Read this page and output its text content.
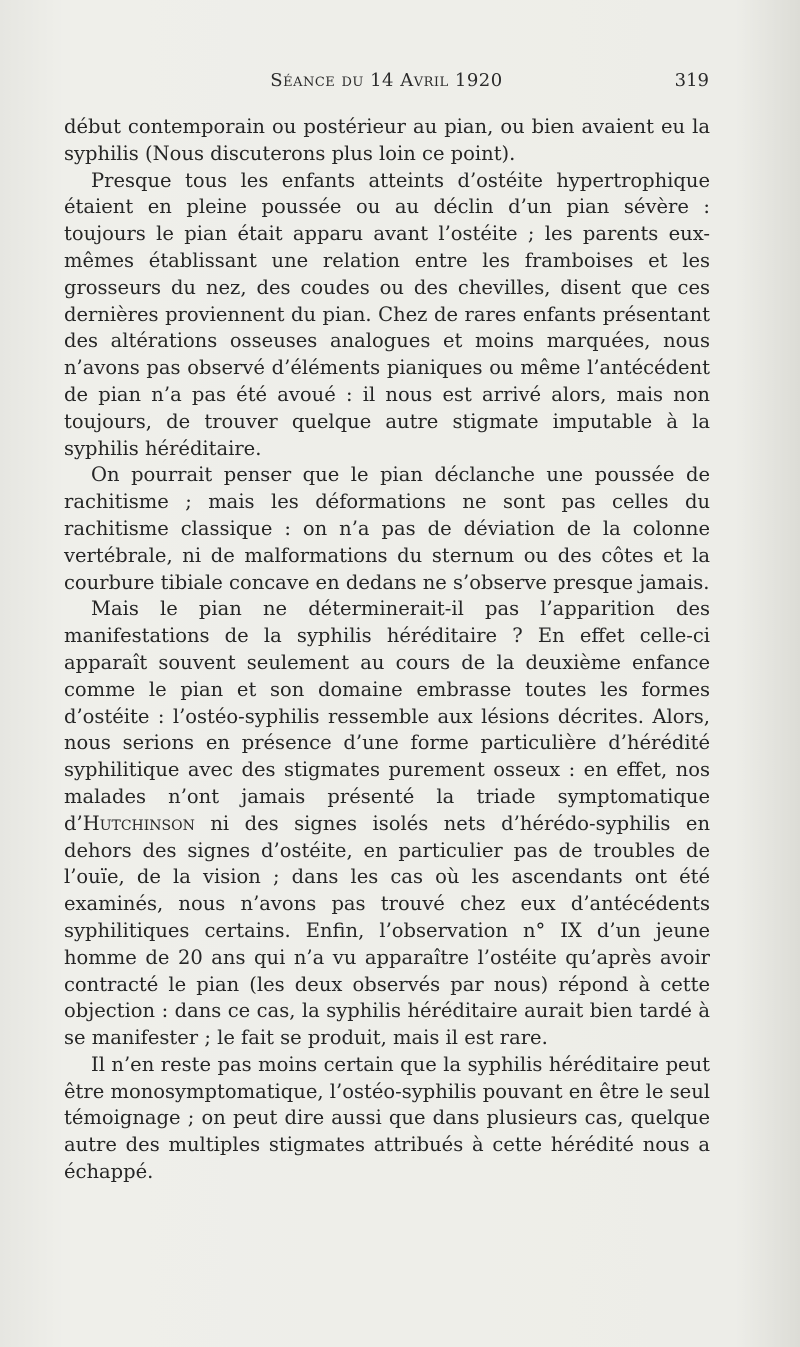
Séance du 14 Avril 1920	319

début contemporain ou postérieur au pian, ou bien avaient eu la syphilis (Nous discuterons plus loin ce point).

Presque tous les enfants atteints d’ostéite hypertrophique étaient en pleine poussée ou au déclin d’un pian sévère : toujours le pian était apparu avant l’ostéite ; les parents eux-mêmes établissant une relation entre les framboises et les grosseurs du nez, des coudes ou des chevilles, disent que ces dernières proviennent du pian. Chez de rares enfants présentant des altérations osseuses analogues et moins marquées, nous n’avons pas observé d’éléments pianiques ou même l’antécédent de pian n’a pas été avoué : il nous est arrivé alors, mais non toujours, de trouver quelque autre stigmate imputable à la syphilis héréditaire.

On pourrait penser que le pian déclanche une poussée de rachitisme ; mais les déformations ne sont pas celles du rachitisme classique : on n’a pas de déviation de la colonne vertébrale, ni de malformations du sternum ou des côtes et la courbure tibiale concave en dedans ne s’observe presque jamais.

Mais le pian ne déterminerait-il pas l’apparition des manifestations de la syphilis héréditaire ? En effet celle-ci apparaît souvent seulement au cours de la deuxième enfance comme le pian et son domaine embrasse toutes les formes d’ostéite : l’ostéo-syphilis ressemble aux lésions décrites. Alors, nous serions en présence d’une forme particulière d’hérédité syphilitique avec des stigmates purement osseux : en effet, nos malades n’ont jamais présenté la triade symptomatique d’Hutchinson ni des signes isolés nets d’hérédo-syphilis en dehors des signes d’ostéite, en particulier pas de troubles de l’ouïe, de la vision ; dans les cas où les ascendants ont été examinés, nous n’avons pas trouvé chez eux d’antécédents syphilitiques certains. Enfin, l’observation n° IX d’un jeune homme de 20 ans qui n’a vu apparaître l’ostéite qu’après avoir contracté le pian (les deux observés par nous) répond à cette objection : dans ce cas, la syphilis héréditaire aurait bien tardé à se manifester ; le fait se produit, mais il est rare.

Il n’en reste pas moins certain que la syphilis héréditaire peut être monosymptomatique, l’ostéo-syphilis pouvant en être le seul témoignage ; on peut dire aussi que dans plusieurs cas, quelque autre des multiples stigmates attribués à cette hérédité nous a échappé.
